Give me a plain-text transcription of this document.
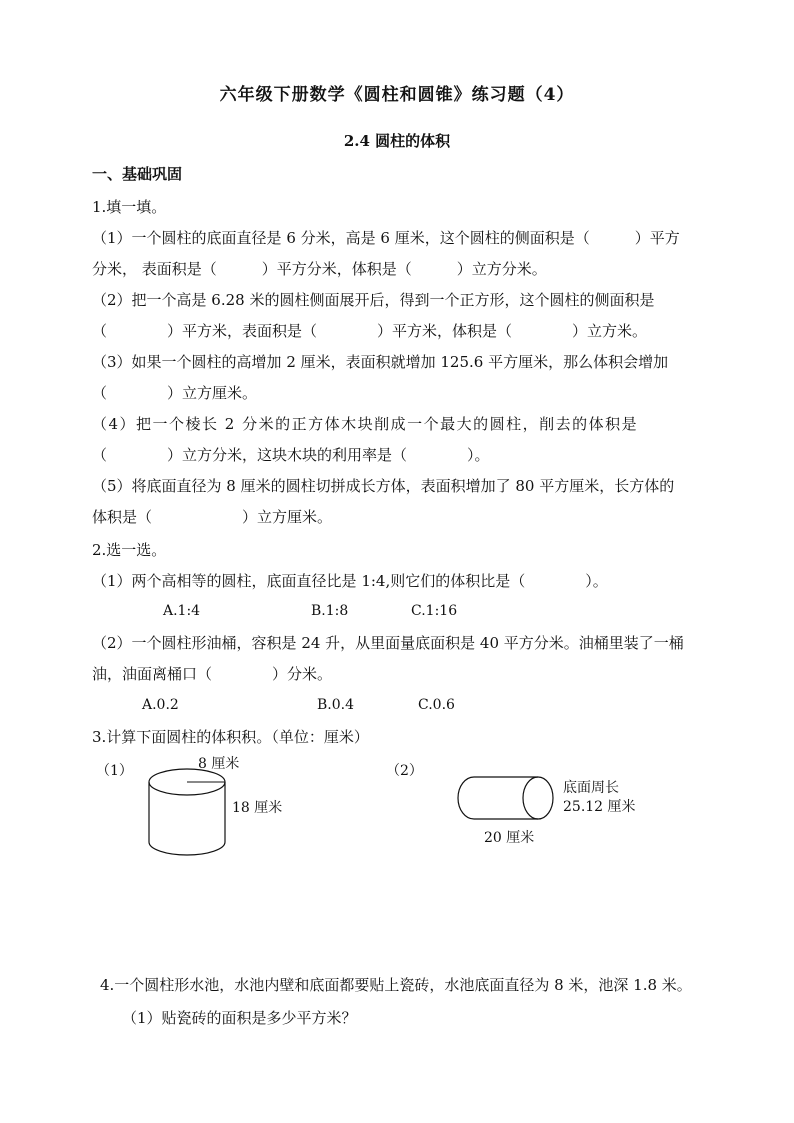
六年级下册数学《圆柱和圆锥》练习题（4）
2.4 圆柱的体积
一、基础巩固
1.填一填。
（1）一个圆柱的底面直径是 6 分米，高是 6 厘米，这个圆柱的侧面积是（　　　）平方
分米， 表面积是（　　　）平方分米，体积是（　　　）立方分米。
（2）把一个高是 6.28 米的圆柱侧面展开后，得到一个正方形，这个圆柱的侧面积是
（　　　　）平方米，表面积是（　　　　）平方米，体积是（　　　　）立方米。
（3）如果一个圆柱的高增加 2 厘米，表面积就增加 125.6 平方厘米，那么体积会增加
（　　　　）立方厘米。
（4）把一个棱长 2 分米的正方体木块削成一个最大的圆柱，削去的体积是
（　　　　）立方分米，这块木块的利用率是（　　　　）。
（5）将底面直径为 8 厘米的圆柱切拼成长方体，表面积增加了 80 平方厘米，长方体的
体积是（　　　　　　）立方厘米。
2.选一选。
（1）两个高相等的圆柱，底面直径比是 1:4,则它们的体积比是（　　　　）。
A.1:4	B.1:8	C.1:16
（2）一个圆柱形油桶，容积是 24 升，从里面量底面积是 40 平方分米。油桶里装了一桶
油，油面离桶口（　　　　）分米。
A.0.2	B.0.4	C.0.6
3.计算下面圆柱的体积积。（单位：厘米）
（1）	8 厘米
18 厘米
（2）
底面周长
25.12 厘米
20 厘米
4.一个圆柱形水池，水池内壁和底面都要贴上瓷砖，水池底面直径为 8 米，池深 1.8 米。
（1）贴瓷砖的面积是多少平方米？
